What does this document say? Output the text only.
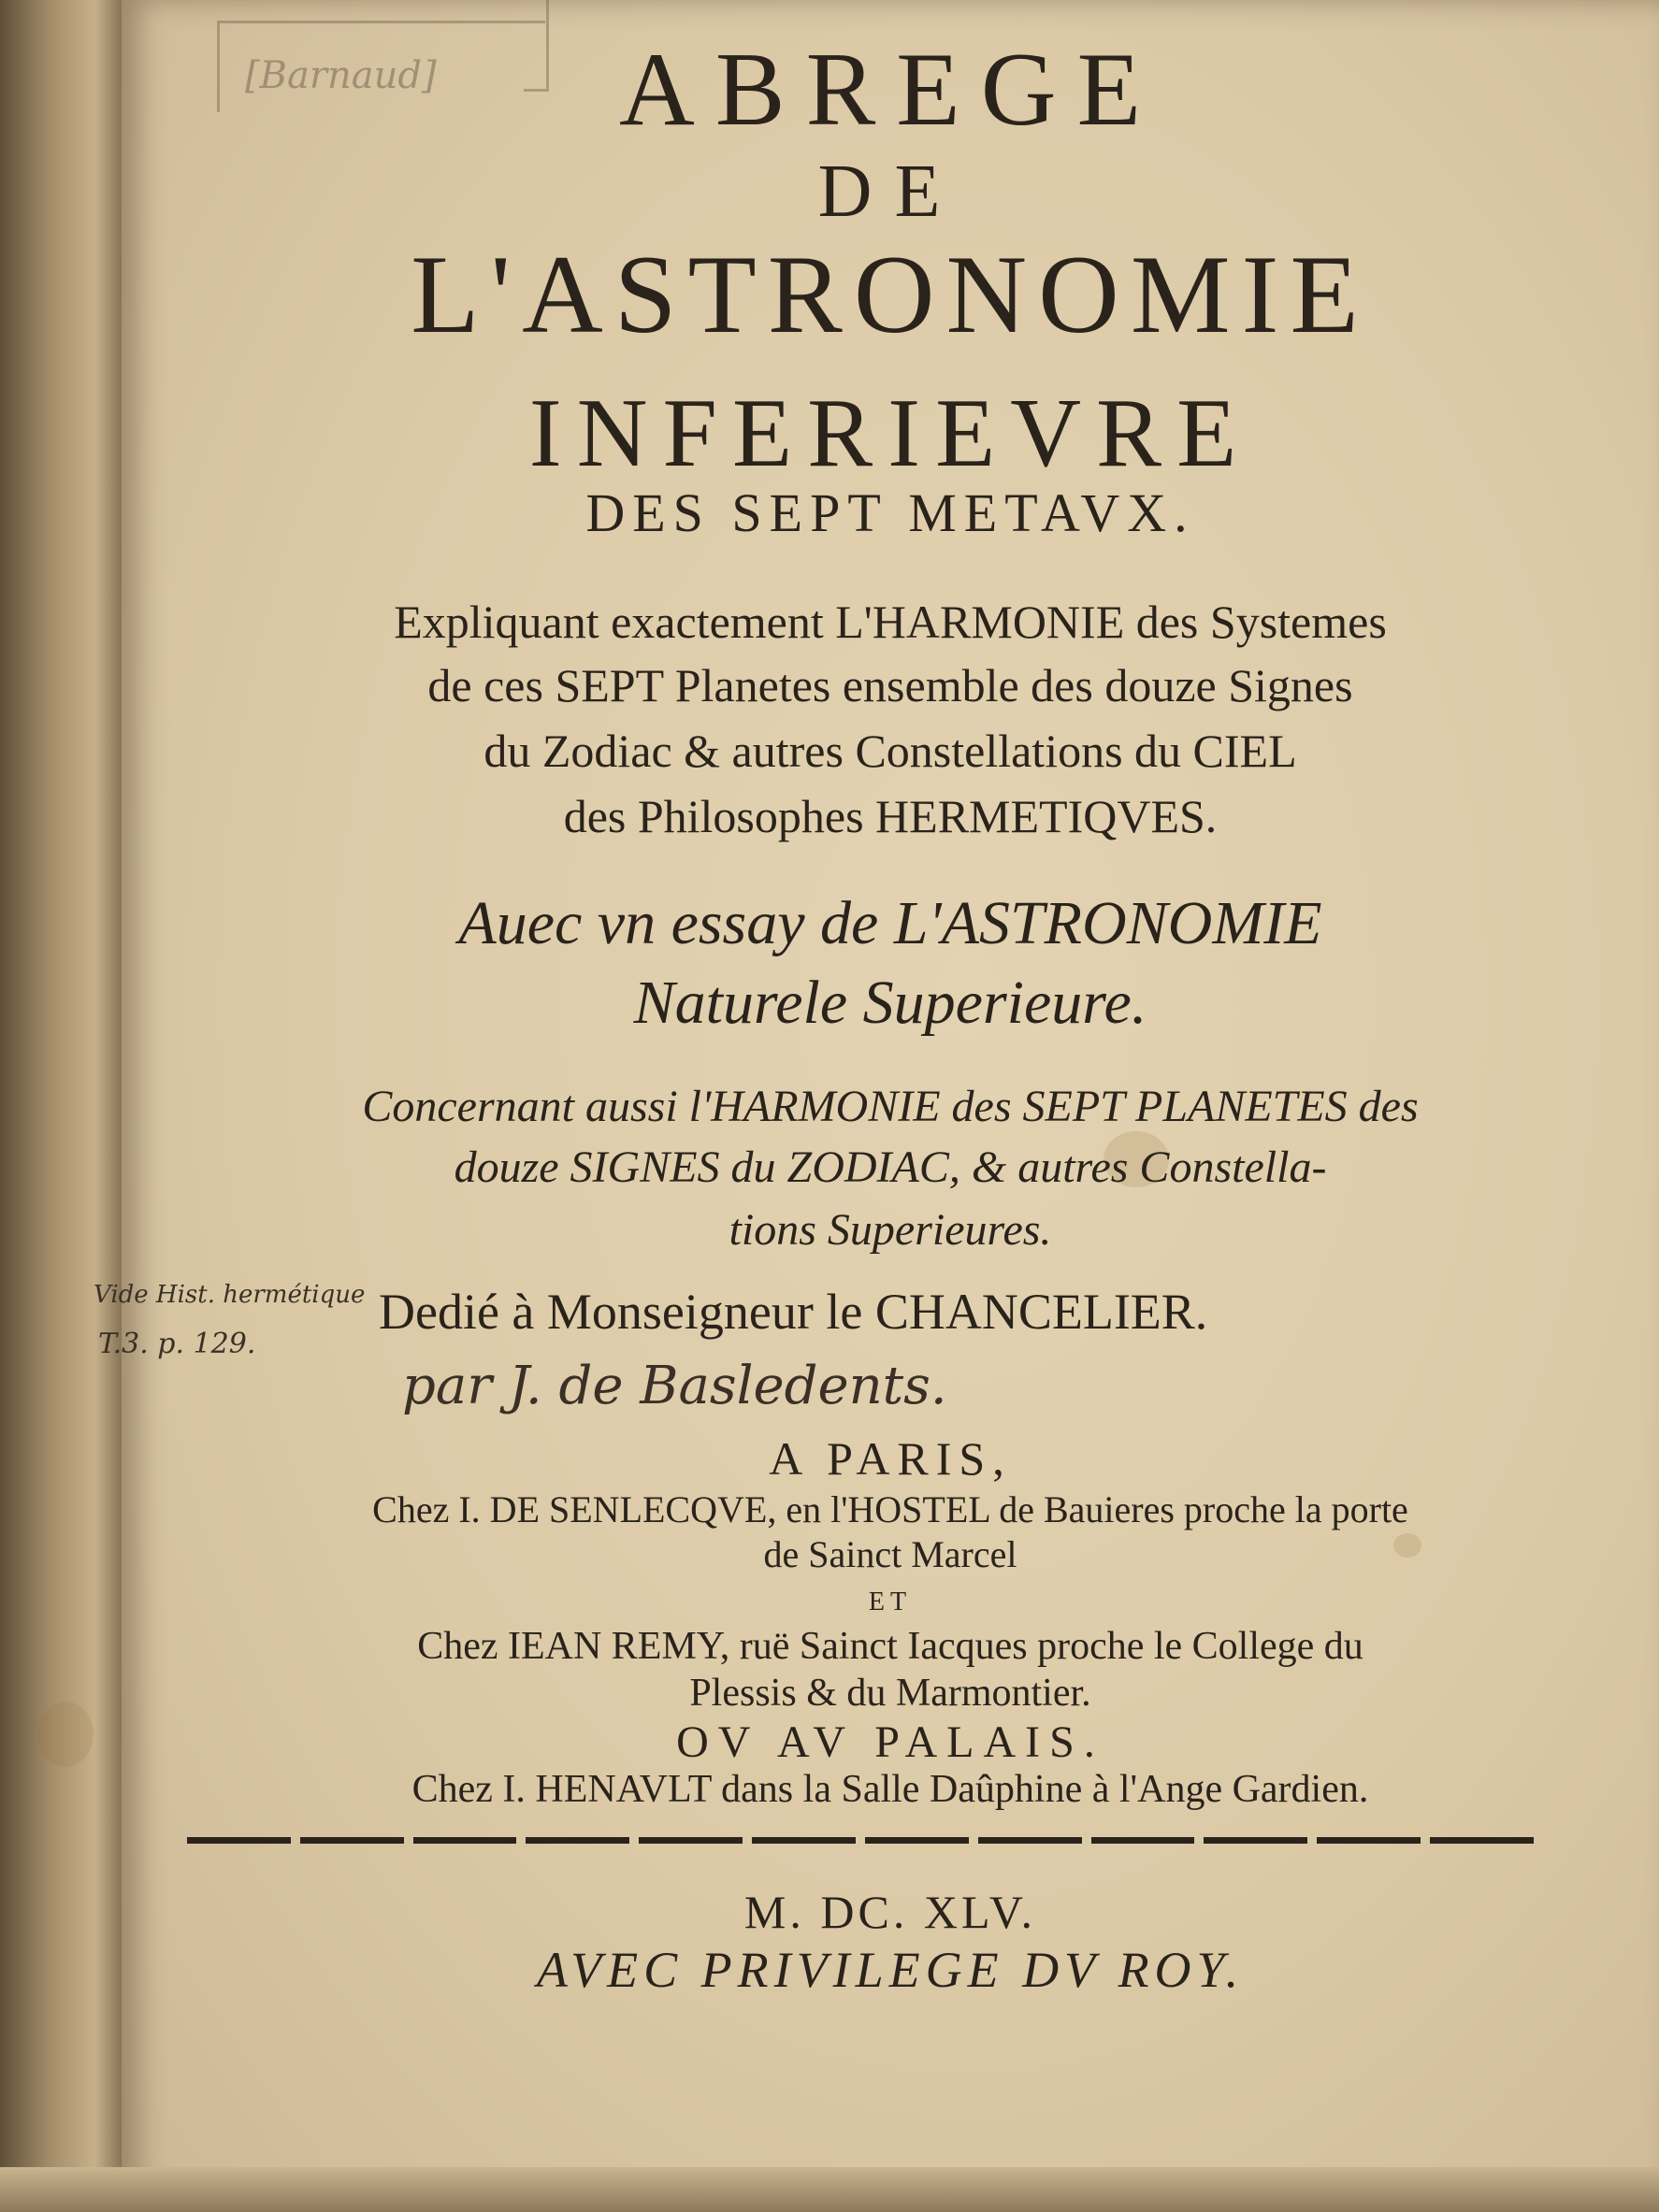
[Barnaud]	ABREGE

DE

L'ASTRONOMIE

INFERIEVRE

DES SEPT METAVX.

Expliquant exactement L'HARMONIE des Systemes

de ces SEPT Planetes ensemble des douze Signes

du Zodiac & autres Constellations du CIEL

des Philosophes HERMETIQVES.

Auec vn essay de L'ASTRONOMIE

Naturele Superieure.

Concernant aussi l'HARMONIE des SEPT PLANETES des

douze SIGNES du ZODIAC, & autres Constella-

tions Superieures.

Vide Hist. hermétique
T.3. p. 129.
Dedié à Monseigneur le CHANCELIER.
par J. de Basledents.

A PARIS,

Chez I. DE SENLECQVE, en l'HOSTEL de Bauieres proche la porte

de Sainct Marcel

ET

Chez IEAN REMY, ruë Sainct Iacques proche le College du

Plessis & du Marmontier.

OV AV PALAIS.

Chez I. HENAVLT dans la Salle Daûphine à l'Ange Gardien.

M. DC. XLV.

AVEC PRIVILEGE DV ROY.
